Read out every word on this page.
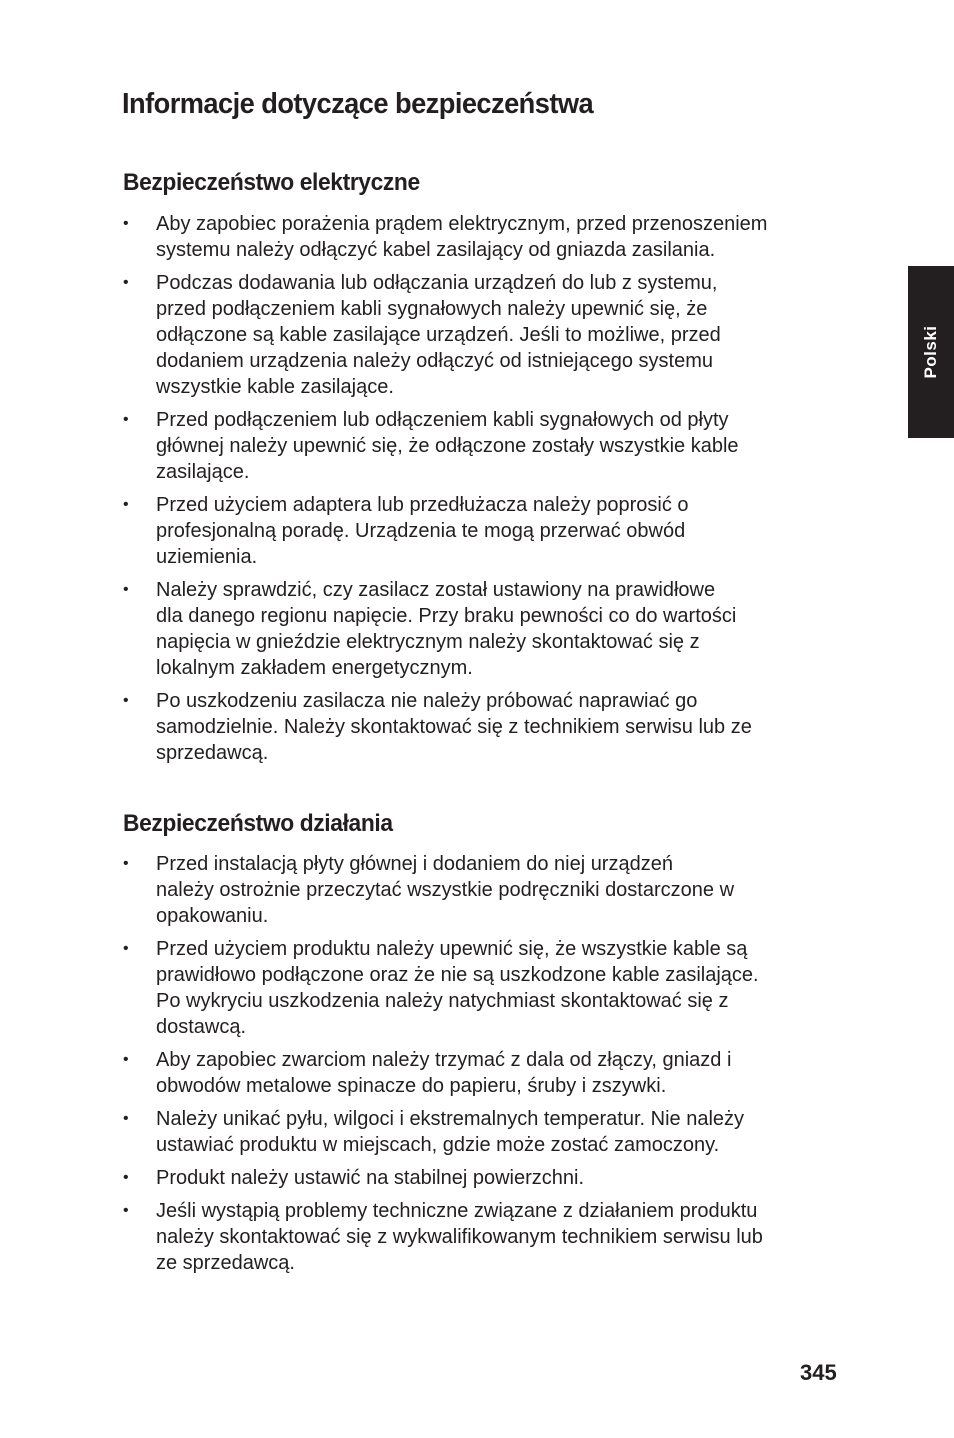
Informacje dotyczące bezpieczeństwa
Bezpieczeństwo elektryczne
• Aby zapobiec porażenia prądem elektrycznym, przed przenoszeniem
systemu należy odłączyć kabel zasilający od gniazda zasilania.
• Podczas dodawania lub odłączania urządzeń do lub z systemu,
przed podłączeniem kabli sygnałowych należy upewnić się, że
odłączone są kable zasilające urządzeń. Jeśli to możliwe, przed
dodaniem urządzenia należy odłączyć od istniejącego systemu
wszystkie kable zasilające.
• Przed podłączeniem lub odłączeniem kabli sygnałowych od płyty
głównej należy upewnić się, że odłączone zostały wszystkie kable
zasilające.
• Przed użyciem adaptera lub przedłużacza należy poprosić o
profesjonalną poradę. Urządzenia te mogą przerwać obwód
uziemienia.
• Należy sprawdzić, czy zasilacz został ustawiony na prawidłowe
dla danego regionu napięcie. Przy braku pewności co do wartości
napięcia w gnieździe elektrycznym należy skontaktować się z
lokalnym zakładem energetycznym.
• Po uszkodzeniu zasilacza nie należy próbować naprawiać go
samodzielnie. Należy skontaktować się z technikiem serwisu lub ze
sprzedawcą.
Bezpieczeństwo działania
• Przed instalacją płyty głównej i dodaniem do niej urządzeń
należy ostrożnie przeczytać wszystkie podręczniki dostarczone w
opakowaniu.
• Przed użyciem produktu należy upewnić się, że wszystkie kable są
prawidłowo podłączone oraz że nie są uszkodzone kable zasilające.
Po wykryciu uszkodzenia należy natychmiast skontaktować się z
dostawcą.
• Aby zapobiec zwarciom należy trzymać z dala od złączy, gniazd i
obwodów metalowe spinacze do papieru, śruby i zszywki.
• Należy unikać pyłu, wilgoci i ekstremalnych temperatur. Nie należy
ustawiać produktu w miejscach, gdzie może zostać zamoczony.
• Produkt należy ustawić na stabilnej powierzchni.
• Jeśli wystąpią problemy techniczne związane z działaniem produktu
należy skontaktować się z wykwalifikowanym technikiem serwisu lub
ze sprzedawcą.
Polski
345
